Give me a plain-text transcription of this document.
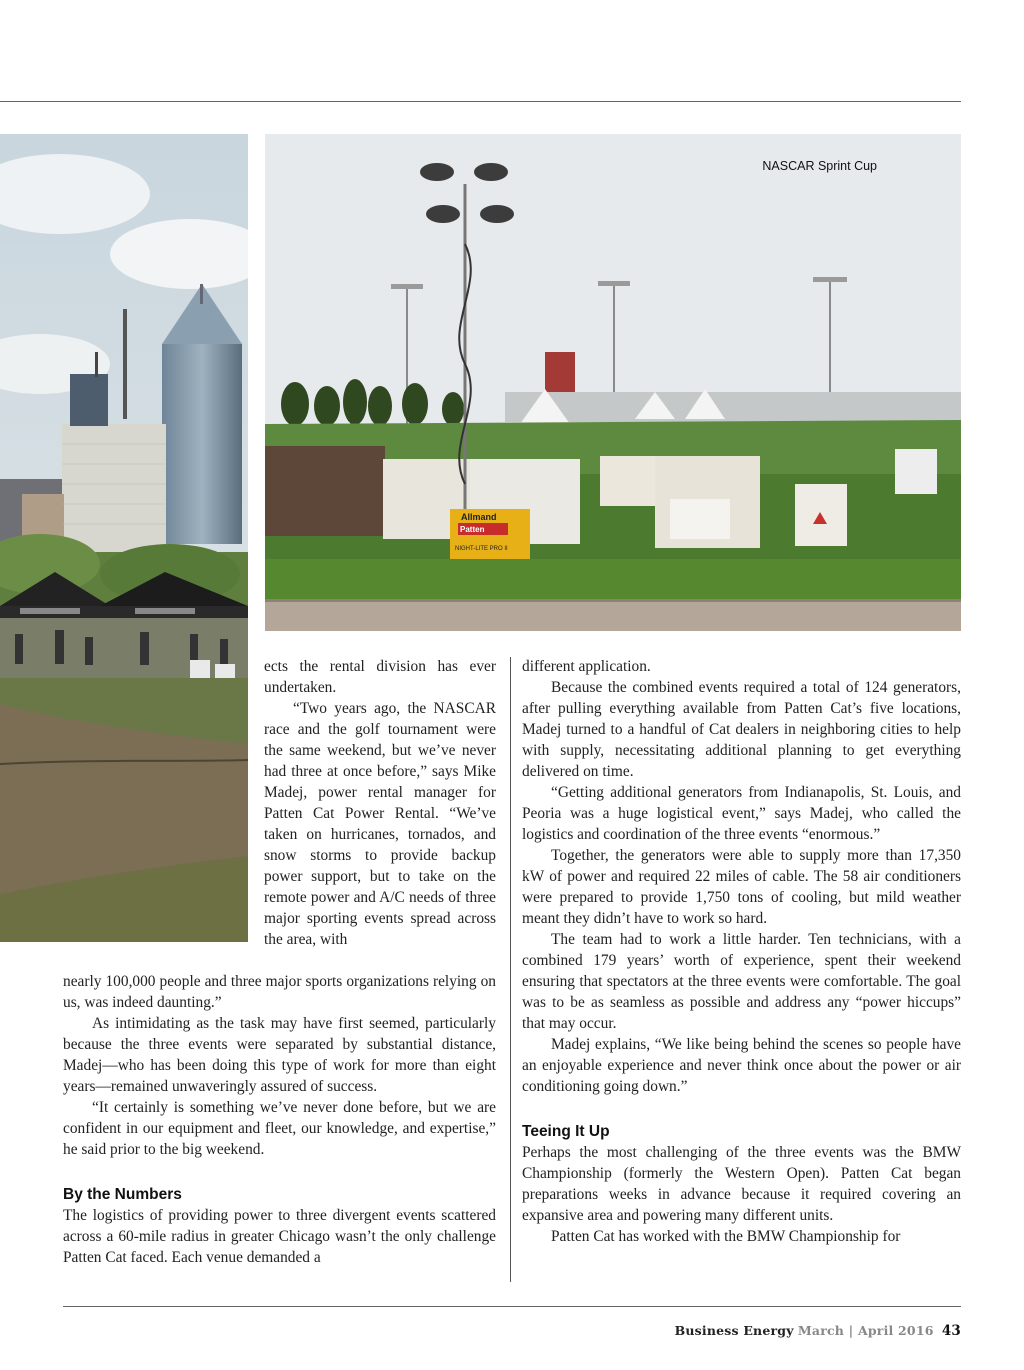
Allmand
Patten
NIGHT-LITE PRO II
NASCAR Sprint Cup

ects the rental division has ever undertaken.

“Two years ago, the NASCAR race and the golf tournament were the same weekend, but we’ve never had three at once before,” says Mike Madej, power rental manager for Patten Cat Power Rental. “We’ve taken on hurricanes, tornados, and snow storms to provide backup power support, but to take on the remote power and A/C needs of three major sporting events spread across the area, with

nearly 100,000 people and three major sports organizations relying on us, was indeed daunting.”

As intimidating as the task may have first seemed, particularly because the three events were separated by substantial distance, Madej—who has been doing this type of work for more than eight years—remained unwaveringly assured of success.

“It certainly is something we’ve never done before, but we are confident in our equipment and fleet, our knowledge, and expertise,” he said prior to the big weekend.

By the Numbers

The logistics of providing power to three divergent events scattered across a 60-mile radius in greater Chicago wasn’t the only challenge Patten Cat faced. Each venue demanded a

different application.

Because the combined events required a total of 124 generators, after pulling everything available from Patten Cat’s five locations, Madej turned to a handful of Cat dealers in neighboring cities to help with supply, necessitating additional planning to get everything delivered on time.

“Getting additional generators from Indianapolis, St. Louis, and Peoria was a huge logistical event,” says Madej, who called the logistics and coordination of the three events “enormous.”

Together, the generators were able to supply more than 17,350 kW of power and required 22 miles of cable. The 58 air conditioners were prepared to provide 1,750 tons of cooling, but mild weather meant they didn’t have to work so hard.

The team had to work a little harder. Ten technicians, with a combined 179 years’ worth of experience, spent their weekend ensuring that spectators at the three events were comfortable. The goal was to be as seamless as possible and address any “power hiccups” that may occur.

Madej explains, “We like being behind the scenes so people have an enjoyable experience and never think once about the power or air conditioning going down.”

Teeing It Up

Perhaps the most challenging of the three events was the BMW Championship (formerly the Western Open). Patten Cat began preparations weeks in advance because it required covering an expansive area and powering many different units.

Patten Cat has worked with the BMW Championship for

Business Energy March | April 2016 43
